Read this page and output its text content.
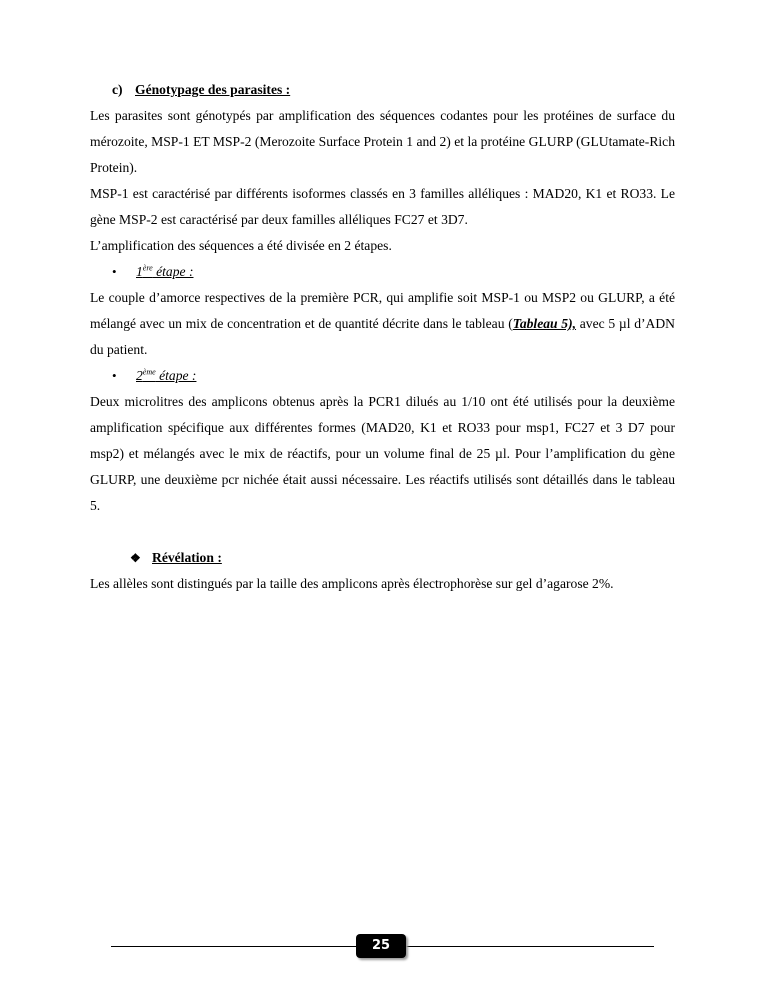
c) Génotypage des parasites :

Les parasites sont génotypés par amplification des séquences codantes pour les protéines de surface du mérozoite, MSP-1 ET MSP-2 (Merozoite Surface Protein 1 and 2) et la protéine GLURP (GLUtamate-Rich Protein).

MSP-1 est caractérisé par différents isoformes classés en 3 familles alléliques : MAD20, K1 et RO33. Le gène MSP-2 est caractérisé par deux familles alléliques FC27 et 3D7.

L’amplification des séquences a été divisée en 2 étapes.

• 1ère étape :

Le couple d’amorce respectives de la première PCR, qui amplifie soit MSP-1 ou MSP2 ou GLURP, a été mélangé avec un mix de concentration et de quantité décrite dans le tableau (Tableau 5), avec 5 µl d’ADN du patient.

• 2ème étape :

Deux microlitres des amplicons obtenus après la PCR1 dilués au 1/10 ont été utilisés pour la deuxième amplification spécifique aux différentes formes (MAD20, K1 et RO33 pour msp1, FC27 et 3 D7 pour msp2) et mélangés avec le mix de réactifs, pour un volume final de 25 µl. Pour l’amplification du gène GLURP, une deuxième pcr nichée était aussi nécessaire. Les réactifs utilisés sont détaillés dans le tableau 5.

❖ Révélation :

Les allèles sont distingués par la taille des amplicons après électrophorèse sur gel d’agarose 2%.

25
